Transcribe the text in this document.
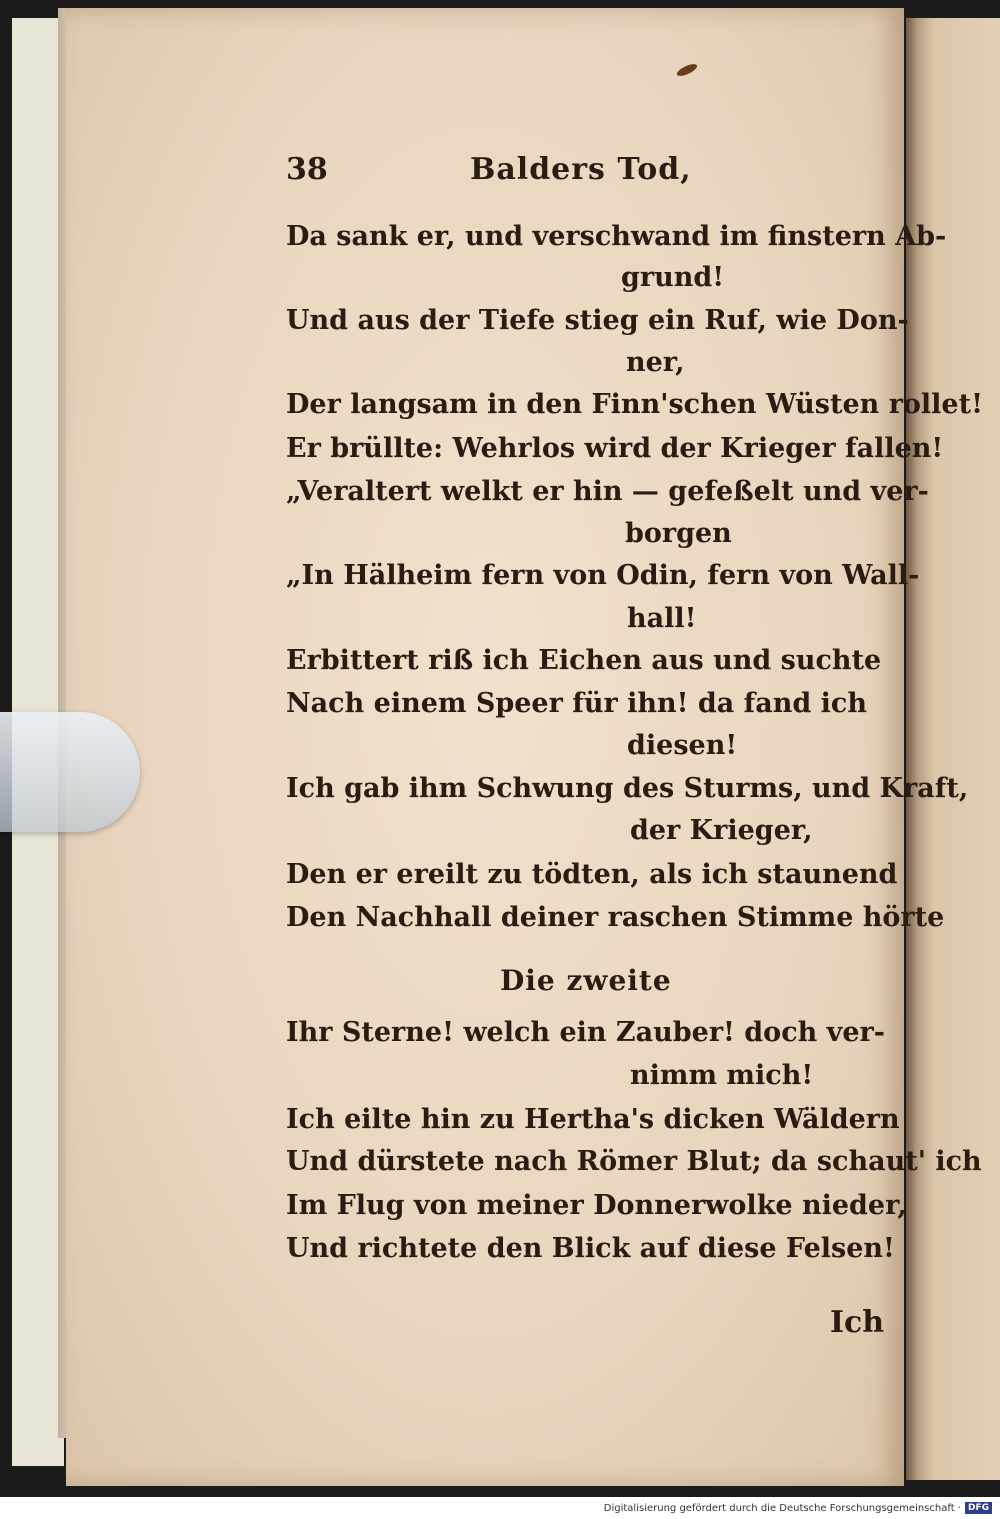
38	Balders Tod,
Da sank er, und verschwand im finstern Ab-
grund!
Und aus der Tiefe stieg ein Ruf, wie Don-
ner,
Der langsam in den Finn'schen Wüsten rollet!
Er brüllte: Wehrlos wird der Krieger fallen!
„Veraltert welkt er hin — gefeßelt und ver-
borgen
„In Hälheim fern von Odin, fern von Wall-
hall!
Erbittert riß ich Eichen aus und suchte
Nach einem Speer für ihn! da fand ich
diesen!
Ich gab ihm Schwung des Sturms, und Kraft,
der Krieger,
Den er ereilt zu tödten, als ich staunend
Den Nachhall deiner raschen Stimme hörte
Die zweite
Ihr Sterne! welch ein Zauber! doch ver-
nimm mich!
Ich eilte hin zu Hertha's dicken Wäldern
Und dürstete nach Römer Blut; da schaut' ich
Im Flug von meiner Donnerwolke nieder,
Und richtete den Blick auf diese Felsen!
Ich
Digitalisierung gefördert durch die Deutsche Forschungsgemeinschaft · DFG
